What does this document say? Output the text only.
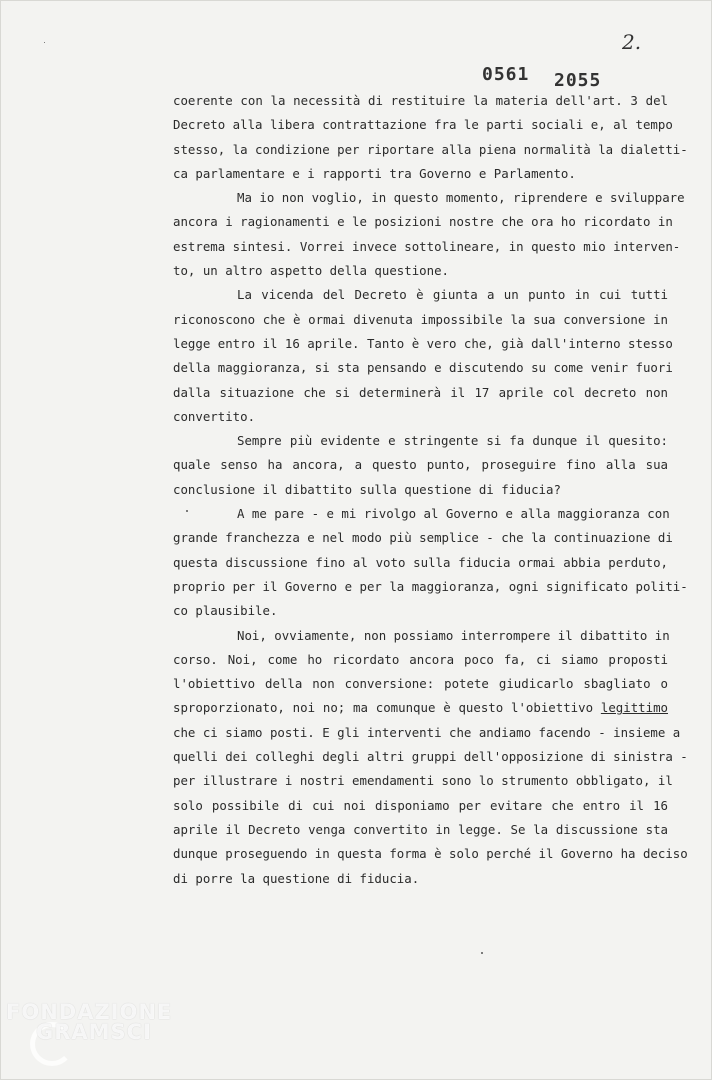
2.
0561 2055
coerente con la necessità di restituire la materia dell'art. 3 del
Decreto alla libera contrattazione fra le parti sociali e, al tempo
stesso, la condizione per riportare alla piena normalità la dialetti-
ca parlamentare e i rapporti tra Governo e Parlamento.
Ma io non voglio, in questo momento, riprendere e sviluppare
ancora i ragionamenti e le posizioni nostre che ora ho ricordato in
estrema sintesi. Vorrei invece sottolineare, in questo mio interven-
to, un altro aspetto della questione.
La vicenda del Decreto è giunta a un punto in cui tutti
riconoscono che è ormai divenuta impossibile la sua conversione in
legge entro il 16 aprile. Tanto è vero che, già dall'interno stesso
della maggioranza, si sta pensando e discutendo su come venir fuori
dalla situazione che si determinerà il 17 aprile col decreto non
convertito.
Sempre più evidente e stringente si fa dunque il quesito:
quale senso ha ancora, a questo punto, proseguire fino alla sua
conclusione il dibattito sulla questione di fiducia?
A me pare - e mi rivolgo al Governo e alla maggioranza con
grande franchezza e nel modo più semplice - che la continuazione di
questa discussione fino al voto sulla fiducia ormai abbia perduto,
proprio per il Governo e per la maggioranza, ogni significato politi-
co plausibile.
Noi, ovviamente, non possiamo interrompere il dibattito in
corso. Noi, come ho ricordato ancora poco fa, ci siamo proposti
l'obiettivo della non conversione: potete giudicarlo sbagliato o
sproporzionato, noi no; ma comunque è questo l'obiettivo legittimo
che ci siamo posti. E gli interventi che andiamo facendo - insieme a
quelli dei colleghi degli altri gruppi dell'opposizione di sinistra -
per illustrare i nostri emendamenti sono lo strumento obbligato, il
solo possibile di cui noi disponiamo per evitare che entro il 16
aprile il Decreto venga convertito in legge. Se la discussione sta
dunque proseguendo in questa forma è solo perché il Governo ha deciso
di porre la questione di fiducia.
FONDAZIONE
GRAMSCI
